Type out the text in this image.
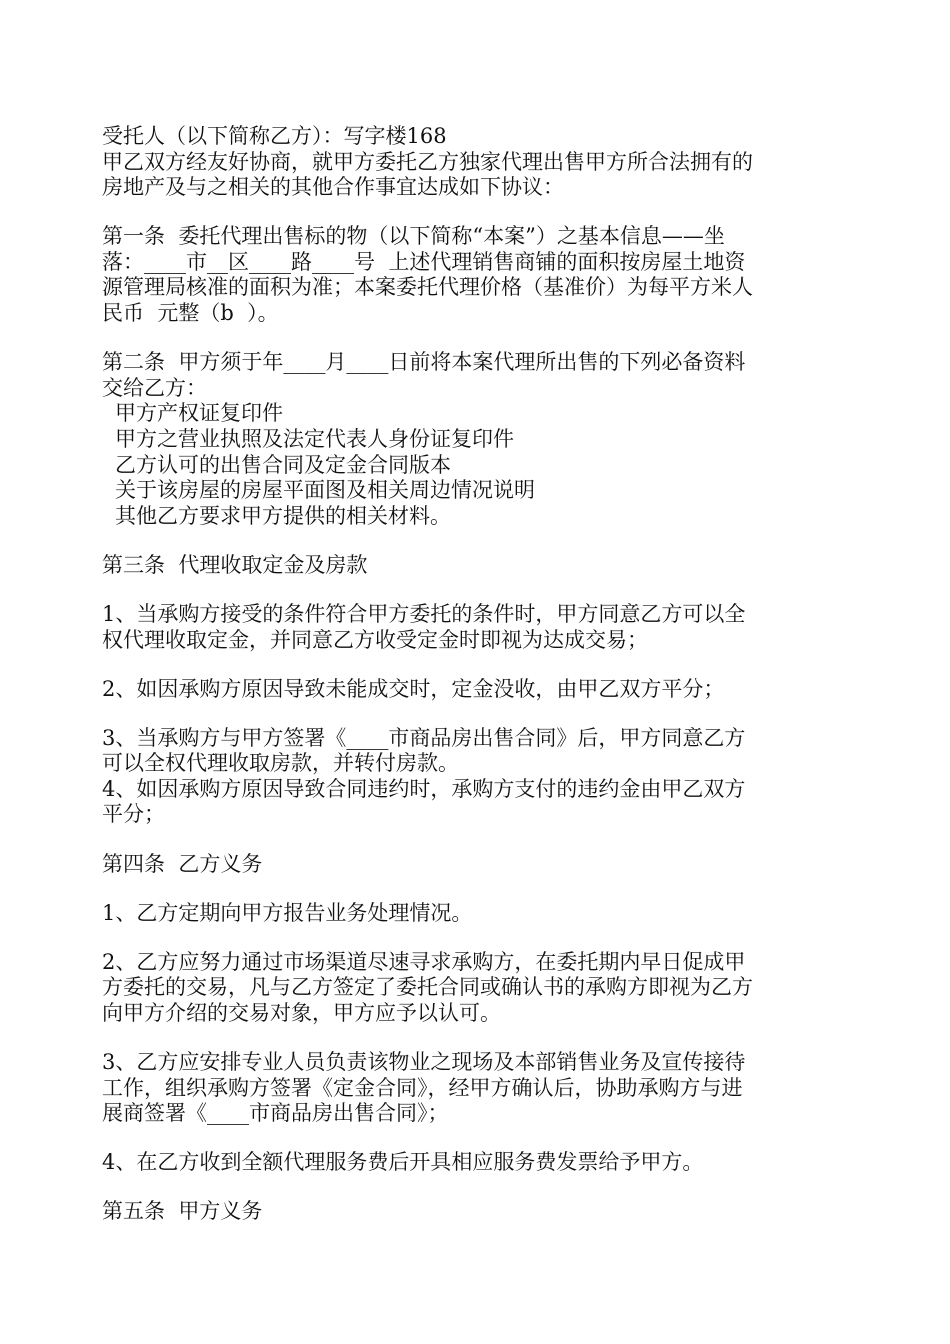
受托人（以下简称乙方）：写字楼168
甲乙双方经友好协商，就甲方委托乙方独家代理出售甲方所合法拥有的
房地产及与之相关的其他合作事宜达成如下协议：
第一条  委托代理出售标的物（以下简称“本案”）之基本信息——坐
落：____市__区____路____号  上述代理销售商铺的面积按房屋土地资
源管理局核准的面积为准；本案委托代理价格（基准价）为每平方米人
民币  元整（b  ）。
第二条  甲方须于年____月____日前将本案代理所出售的下列必备资料
交给乙方：
甲方产权证复印件
甲方之营业执照及法定代表人身份证复印件
乙方认可的出售合同及定金合同版本
关于该房屋的房屋平面图及相关周边情况说明
其他乙方要求甲方提供的相关材料。
第三条  代理收取定金及房款
1、当承购方接受的条件符合甲方委托的条件时，甲方同意乙方可以全
权代理收取定金，并同意乙方收受定金时即视为达成交易；
2、如因承购方原因导致未能成交时，定金没收，由甲乙双方平分；
3、当承购方与甲方签署《____市商品房出售合同》后，甲方同意乙方
可以全权代理收取房款，并转付房款。
4、如因承购方原因导致合同违约时，承购方支付的违约金由甲乙双方
平分；
第四条  乙方义务
1、乙方定期向甲方报告业务处理情况。
2、乙方应努力通过市场渠道尽速寻求承购方，在委托期内早日促成甲
方委托的交易，凡与乙方签定了委托合同或确认书的承购方即视为乙方
向甲方介绍的交易对象，甲方应予以认可。
3、乙方应安排专业人员负责该物业之现场及本部销售业务及宣传接待
工作，组织承购方签署《定金合同》，经甲方确认后，协助承购方与进
展商签署《____市商品房出售合同》；
4、在乙方收到全额代理服务费后开具相应服务费发票给予甲方。
第五条  甲方义务
